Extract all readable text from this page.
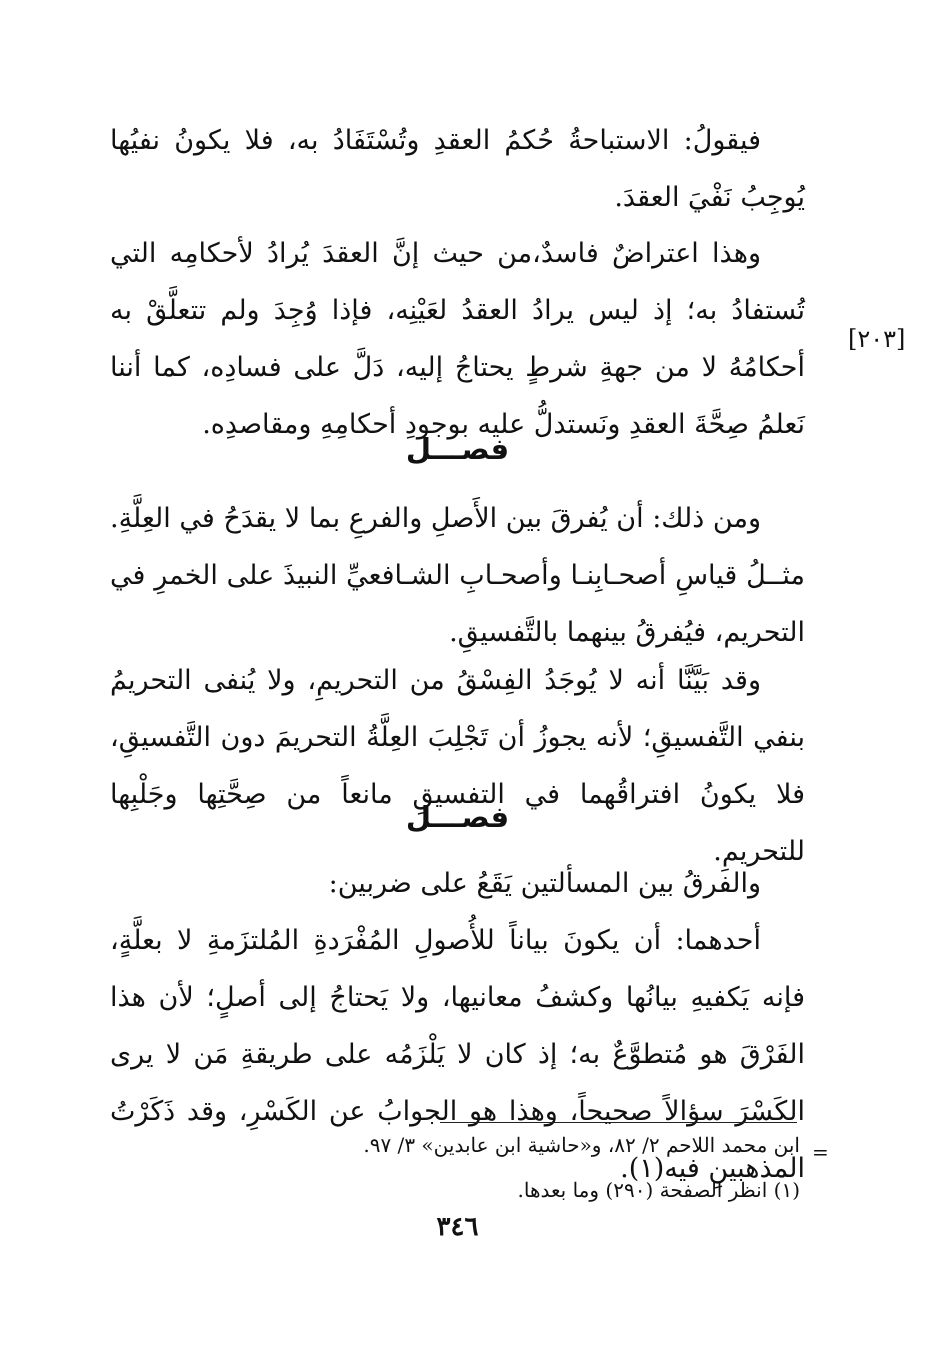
فيقولُ: الاستباحةُ حُكمُ العقدِ وتُسْتَفَادُ به، فلا يكونُ نفيُها يُوجِبُ نَفْيَ العقدَ.

وهذا اعتراضٌ فاسدٌ،من حيث إنَّ العقدَ يُرادُ لأحكامِه التي تُستفادُ به؛ إذ ليس يرادُ العقدُ لعَيْنِه، فإذا وُجِدَ ولم تتعلَّقْ به أحكامُهُ لا من جهةِ شرطٍ يحتاجُ إليه، دَلَّ على فسادِه، كما أننا نَعلمُ صِحَّةَ العقدِ ونَستدلُّ عليه بوجودِ أحكامِهِ ومقاصدِه.

[٢٠٣]
فصـــل

ومن ذلك: أن يُفرقَ بين الأَصلِ والفرعِ بما لا يقدَحُ في العِلَّةِ. مثــلُ قياسِ أصحـابِنـا وأصحـابِ الشـافعيِّ النبيذَ على الخمرِ في التحريم، فيُفرقُ بينهما بالتَّفسيقِ.

وقد بَيَّنَّا أنه لا يُوجَدُ الفِسْقُ من التحريمِ، ولا يُنفى التحريمُ بنفي التَّفسيقِ؛ لأنه يجوزُ أن تَجْلِبَ العِلَّةُ التحريمَ دون التَّفسيقِ، فلا يكونُ افتراقُهما في التفسيقِ مانعاً من صِحَّتِها وجَلْبِها للتحريمِ.

فصـــل

والفرقُ بين المسألتين يَقَعُ على ضربين:

أحدهما: أن يكونَ بياناً للأُصولِ المُفْرَدةِ المُلتزَمةِ لا بعلَّةٍ، فإنه يَكفيهِ بيانُها وكشفُ معانيها، ولا يَحتاجُ إلى أصلٍ؛ لأن هذا الفَرْقَ هو مُتطوَّعٌ به؛ إذ كان لا يَلْزَمُه على طريقةِ مَن لا يرى الكَسْرَ سؤالاً صحيحاً، وهذا هو الجوابُ عن الكَسْرِ، وقد ذَكَرْتُ المذهبينِ فيه(١).

=
ابن محمد اللاحم ٢/ ٨٢، و«حاشية ابن عابدين» ٣/ ٩٧.
(١) انظر الصفحة (٢٩٠) وما بعدها.
٣٤٦
